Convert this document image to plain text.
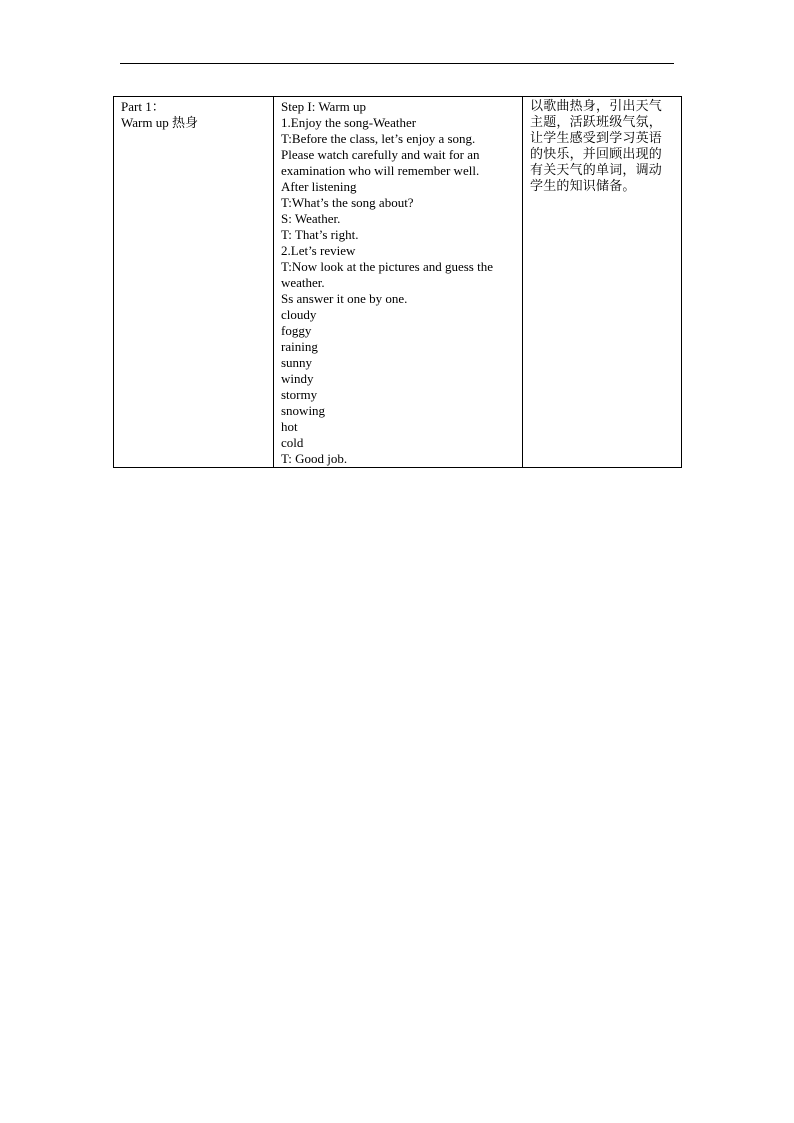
Part 1：
Warm up 热身

Step I: Warm up
1.Enjoy the song-Weather
T:Before the class, let’s enjoy a song.
Please watch carefully and wait for an
examination who will remember well.
After listening
T:What’s the song about?
S: Weather.
T: That’s right.
2.Let’s review
T:Now look at the pictures and guess the
weather.
Ss answer it one by one.
cloudy
foggy
raining
sunny
windy
stormy
snowing
hot
cold
T: Good job.

以歌曲热身，引出天气
主题，活跃班级气氛，
让学生感受到学习英语
的快乐，并回顾出现的
有关天气的单词，调动
学生的知识储备。
